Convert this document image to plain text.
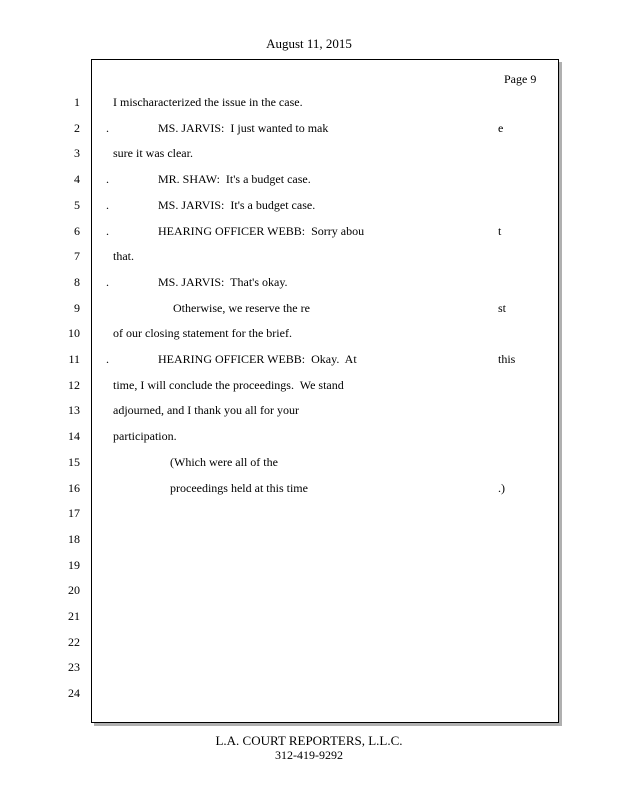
August 11, 2015
Page 9
1
2
3
4
5
6
7
8
9
10
11
12
13
14
15
16
17
18
19
20
21
22
23
24
I mischaracterized the issue in the case.
.	MS. JARVIS:  I just wanted to mak	e
sure it was clear.
.	MR. SHAW:  It's a budget case.
.	MS. JARVIS:  It's a budget case.
.	HEARING OFFICER WEBB:  Sorry abou	t
that.
.	MS. JARVIS:  That's okay.
Otherwise, we reserve the re	st
of our closing statement for the brief.
.	HEARING OFFICER WEBB:  Okay.  At	this
time, I will conclude the proceedings.  We stand
adjourned, and I thank you all for your
participation.
(Which were all of the
proceedings held at this time	.)
L.A. COURT REPORTERS, L.L.C.
312-419-9292
